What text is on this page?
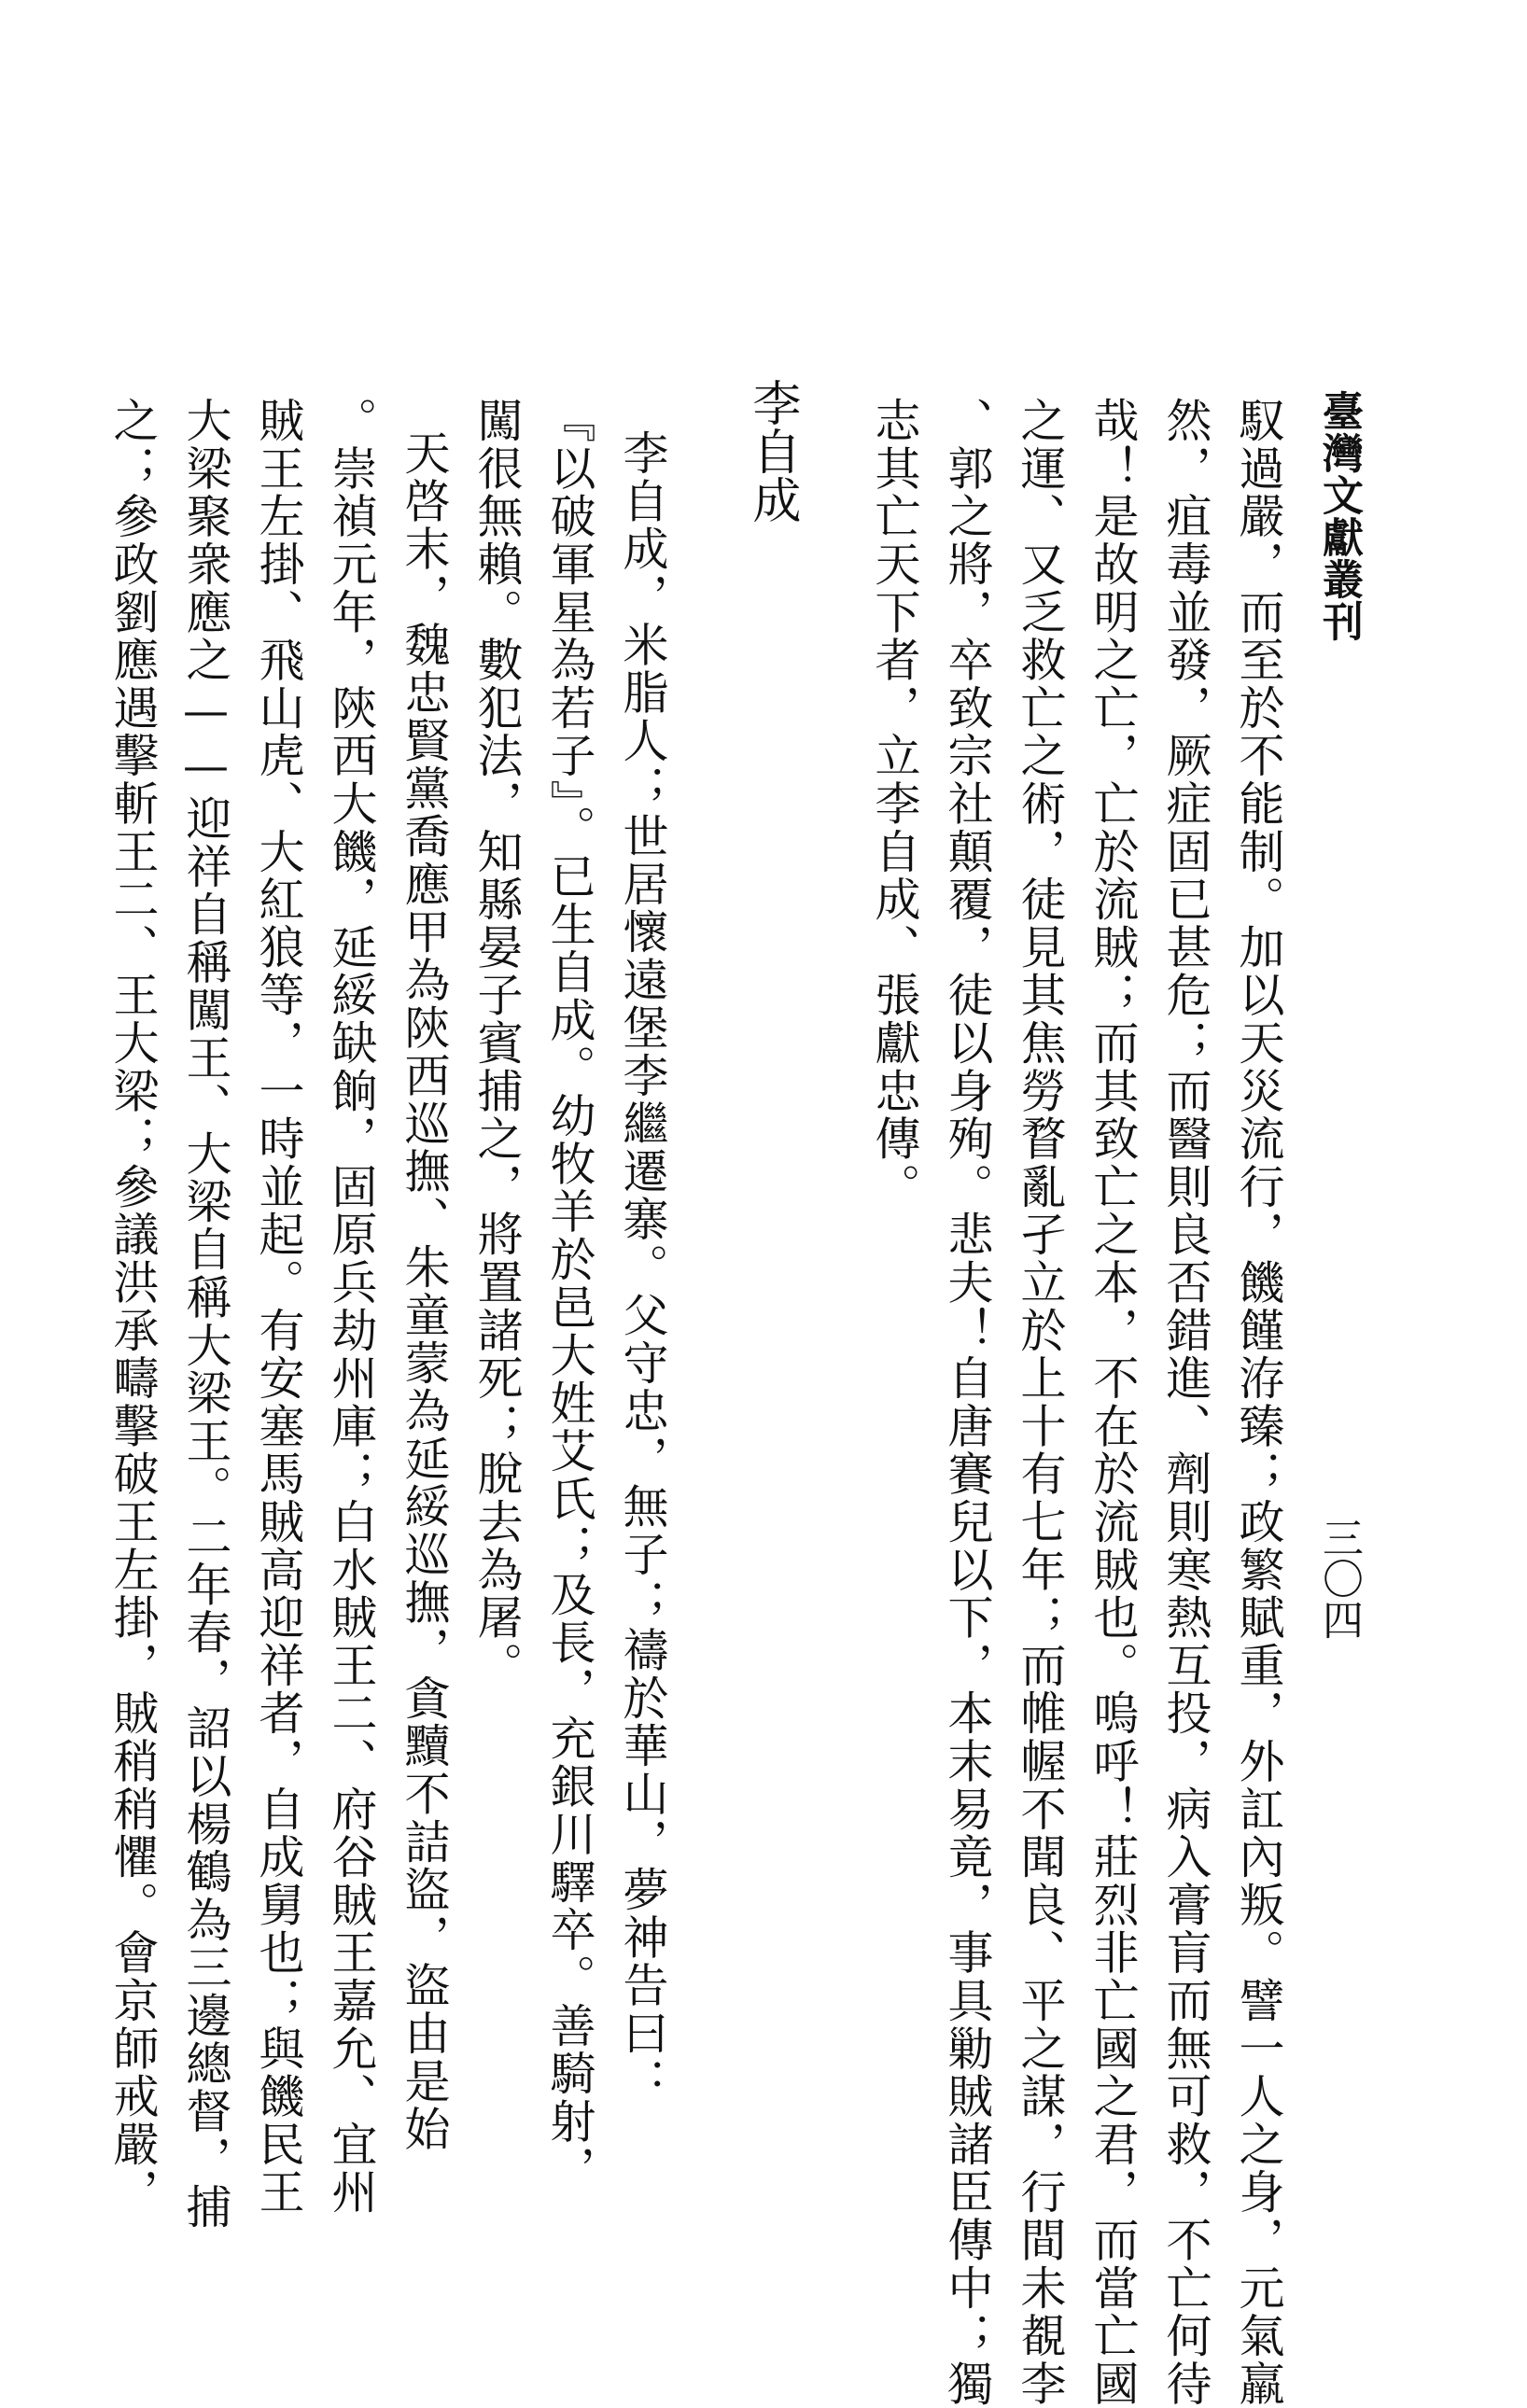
臺灣文獻叢刊
三〇四
馭過嚴，而至於不能制。加以天災流行，饑饉洊臻；政繁賦重，外訌內叛。譬一人之身，元氣羸
然，疽毒並發，厥症固已甚危；而醫則良否錯進、劑則寒熱互投，病入膏肓而無可救，不亡何待
哉！是故明之亡，亡於流賊；而其致亡之本，不在於流賊也。嗚呼！莊烈非亡國之君，而當亡國
之運、又乏救亡之術，徒見其焦勞瞀亂孑立於上十有七年；而帷幄不聞良、平之謀，行間未覩李
、郭之將，卒致宗社顛覆，徒以身殉。悲夫！自唐賽兒以下，本末易竟，事具勦賊諸臣傳中；獨
志其亡天下者，立李自成、張獻忠傳。
李自成
李自成，米脂人；世居懷遠堡李繼遷寨。父守忠，無子；禱於華山，夢神告曰：
『以破軍星為若子』。已生自成。幼牧羊於邑大姓艾氏；及長，充銀川驛卒。善騎射，
闖很無賴。數犯法，知縣晏子賓捕之，將置諸死；脫去為屠。
天啓末，魏忠賢黨喬應甲為陝西巡撫、朱童蒙為延綏巡撫，貪黷不詰盜，盜由是始
。崇禎元年，陝西大饑，延綏缺餉，固原兵劫州庫；白水賊王二、府谷賊王嘉允、宜州
賊王左掛、飛山虎、大紅狼等，一時並起。有安塞馬賊高迎祥者，自成舅也；與饑民王
大梁聚衆應之——迎祥自稱闖王、大梁自稱大梁王。二年春，詔以楊鶴為三邊總督，捕
之；參政劉應遇擊斬王二、王大梁；參議洪承疇擊破王左掛，賊稍稍懼。會京師戒嚴，
